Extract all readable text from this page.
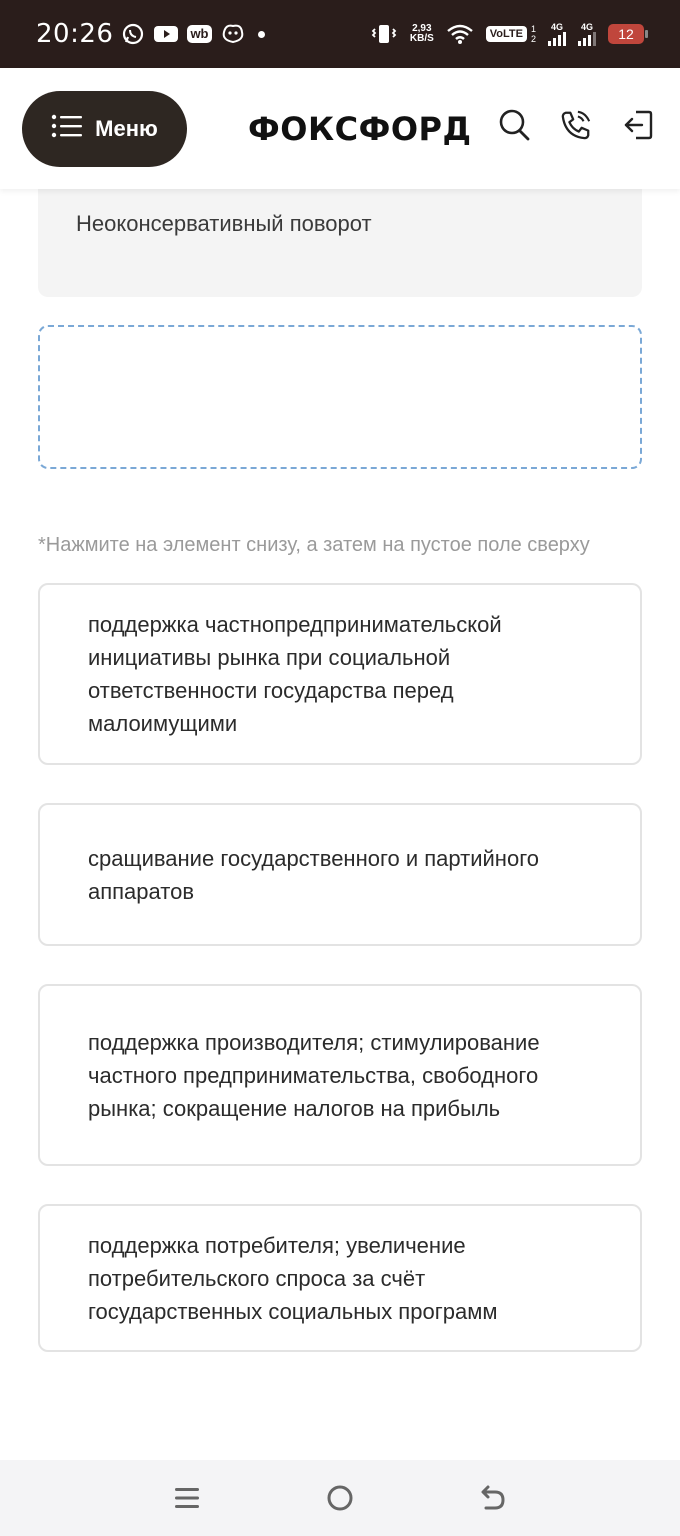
20:26	wb	2,93
KB/S	VoLTE 1
2
4G 4G 12
Меню	ФОКСФОРД
Неоконсервативный поворот
*Нажмите на элемент снизу, а затем на пустое поле сверху
поддержка частнопредпринимательской инициативы рынка при социальной ответственности государства перед малоимущими
сращивание государственного и партийного аппаратов
поддержка производителя; стимулирование частного предпринимательства, свободного рынка; сокращение налогов на прибыль
поддержка потребителя; увеличение потребительского спроса за счёт государственных социальных программ
